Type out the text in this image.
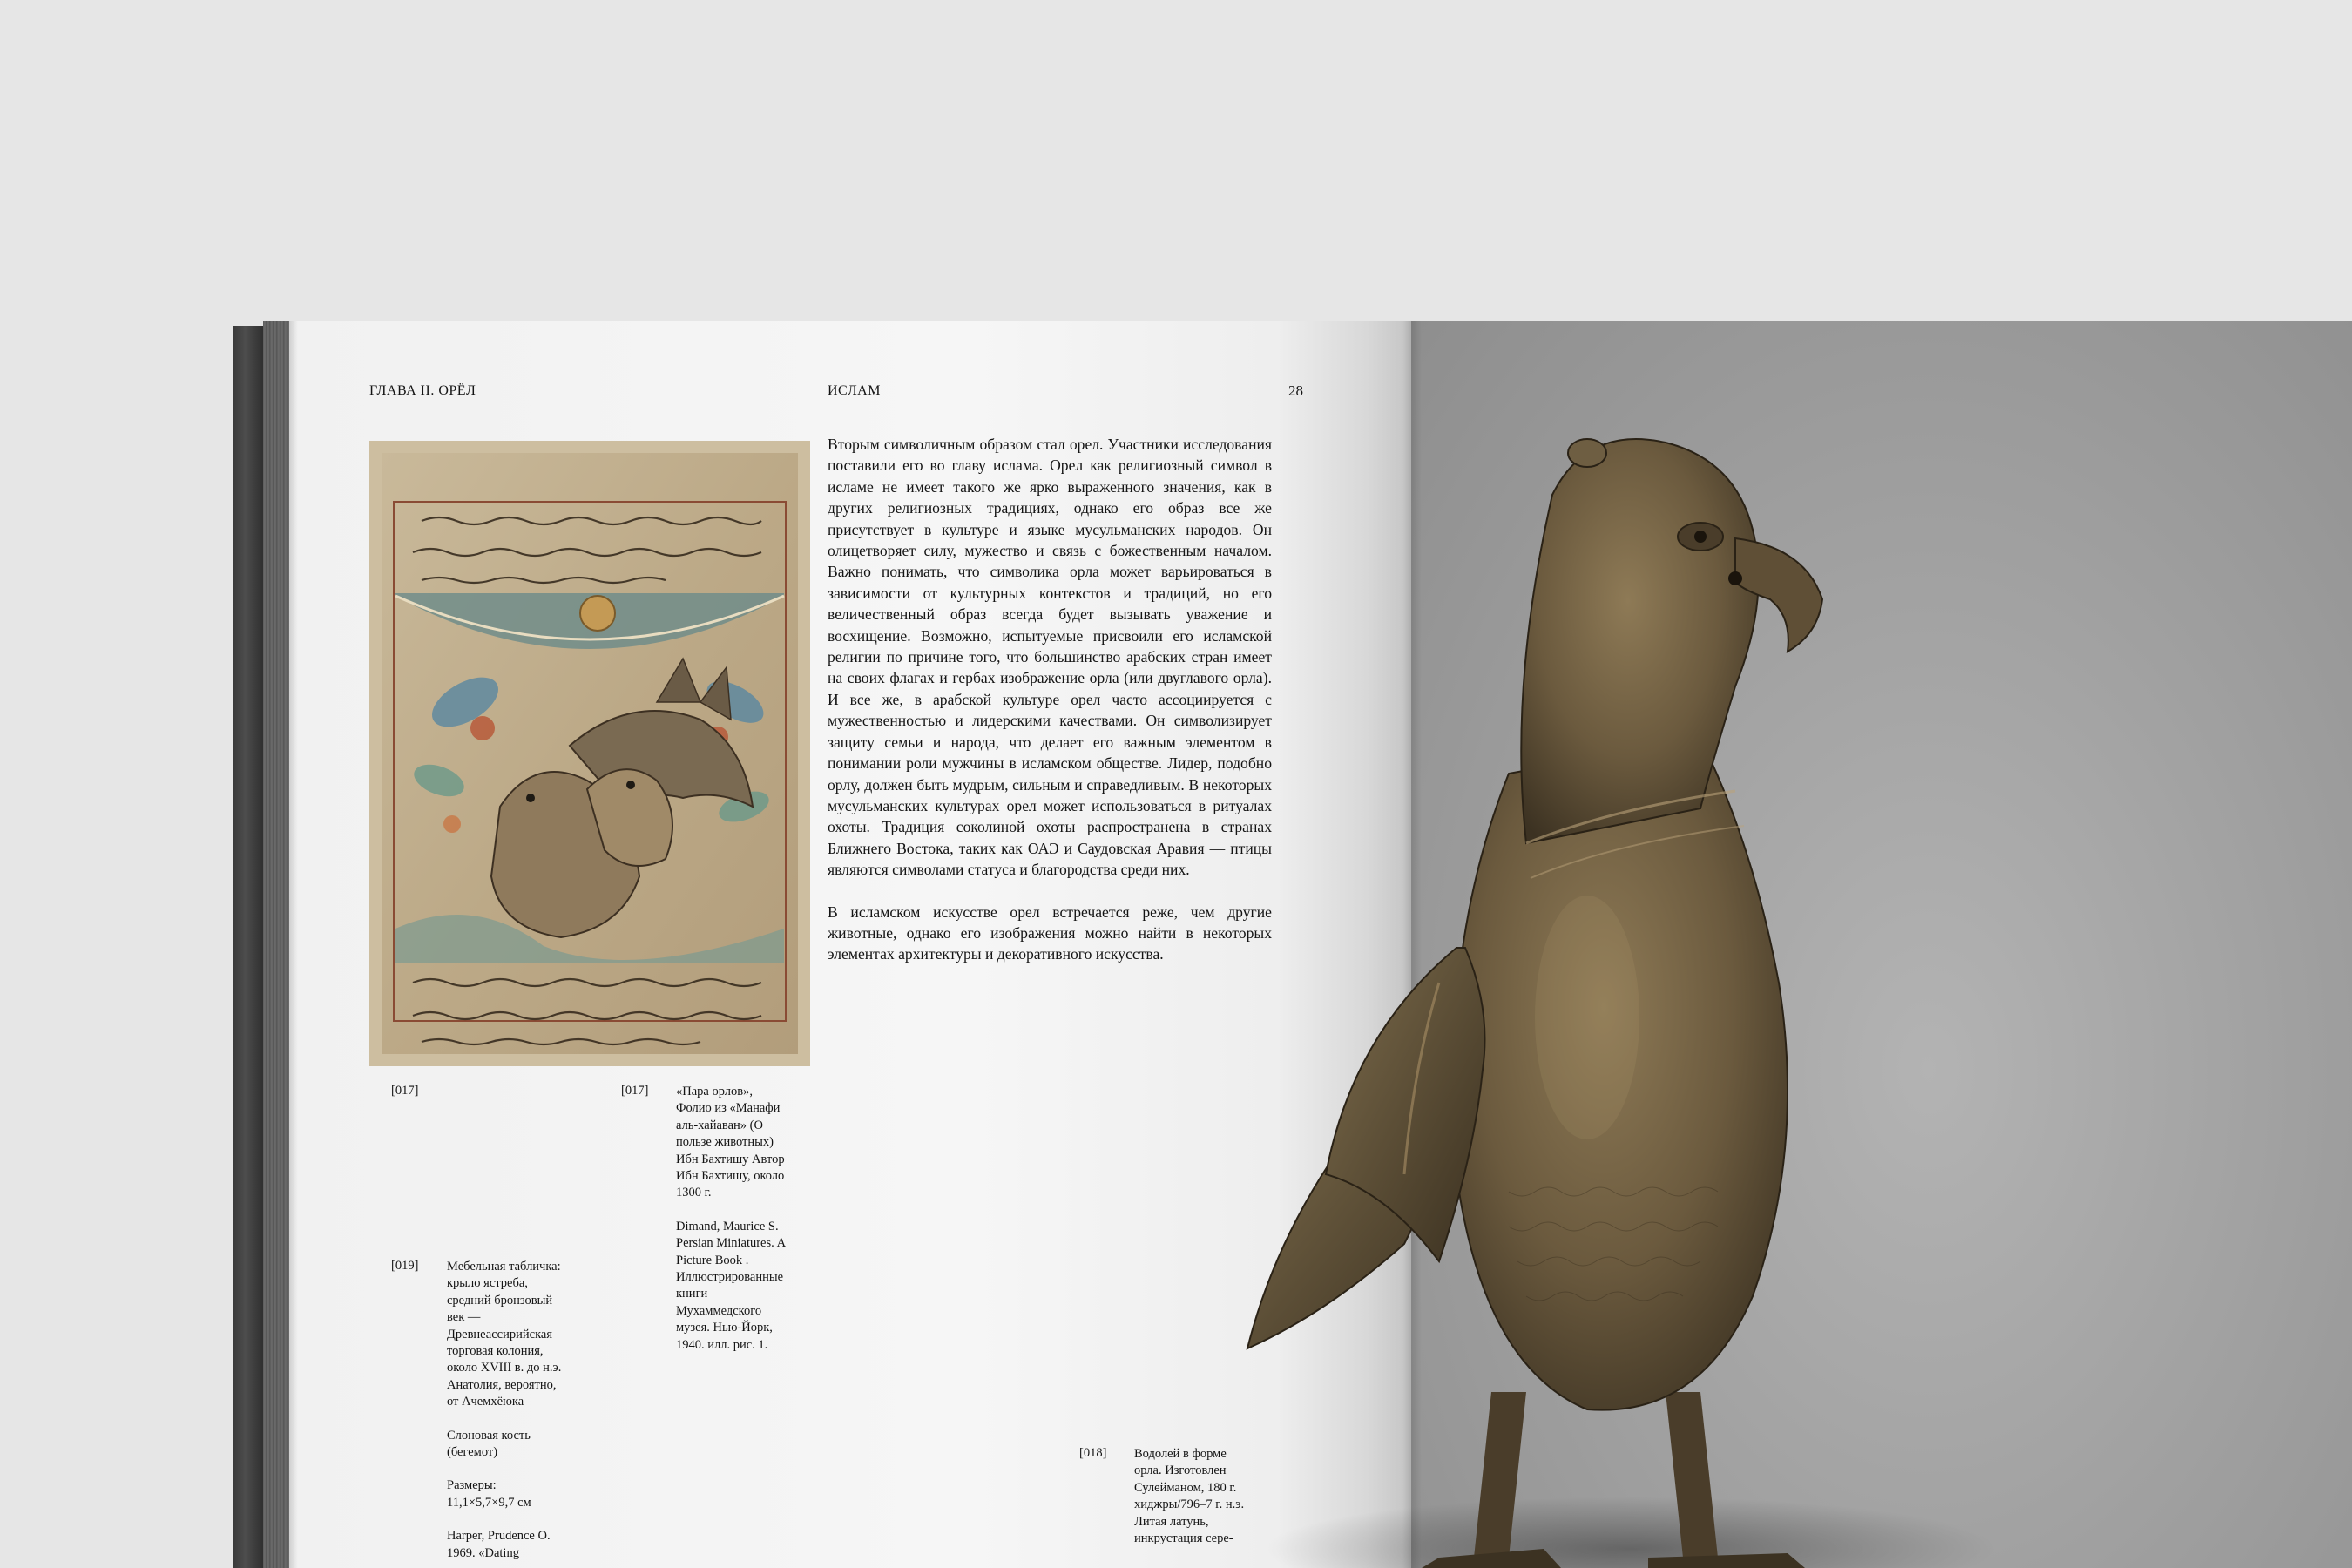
ГЛАВА II. ОРЁЛ	ИСЛАМ	28

Вторым символичным образом стал орел. Участники исследования поставили его во главу ислама. Орел как религиозный символ в исламе не имеет такого же ярко выраженного значения, как в других религиозных традициях, однако его образ все же присутствует в культуре и языке мусульманских народов. Он олицетворяет силу, мужество и связь с божественным началом. Важно понимать, что символика орла может варьироваться в зависимости от культурных контекстов и традиций, но его величественный образ всегда будет вызывать уважение и восхищение. Возможно, испытуемые присвоили его исламской религии по причине того, что большинство арабских стран имеет на своих флагах и гербах изображение орла (или двуглавого орла). И все же, в арабской культуре орел часто ассоциируется с мужественностью и лидерскими качествами. Он символизирует защиту семьи и народа, что делает его важным элементом в понимании роли мужчины в исламском обществе. Лидер, подобно орлу, должен быть мудрым, сильным и справедливым. В некоторых мусульманских культурах орел может использоваться в ритуалах охоты. Традиция соколиной охоты распространена в странах Ближнего Востока, таких как ОАЭ и Саудовская Аравия — птицы являются символами статуса и благородства среди них.

В исламском искусстве орел встречается реже, чем другие животные, однако его изображения можно найти в некоторых элементах архитектуры и декоративного искусства.

[017]	[017] «Пара орлов», Фолио из «Манафи аль-хайаван» (О пользе животных) Ибн Бахтишу Автор Ибн Бахтишу, около 1300 г.
Dimand, Maurice S. Persian Miniatures. A Picture Book . Иллюстрированные книги Мухаммедского музея. Нью-Йорк, 1940. илл. рис. 1.
[019] Мебельная табличка: крыло ястреба, средний бронзовый век — Древнеассирийская торговая колония, около XVIII в. до н.э. Анатолия, вероятно, от Ачемхёюка
Слоновая кость (бегемот)
Размеры: 11,1×5,7×9,7 см
Harper, Prudence O. 1969. «Dating
[018] Водолей в форме орла. Изготовлен Сулейманом, 180 г. хиджры/796–7 г. н.э. Литая латунь, инкрустация сере-
